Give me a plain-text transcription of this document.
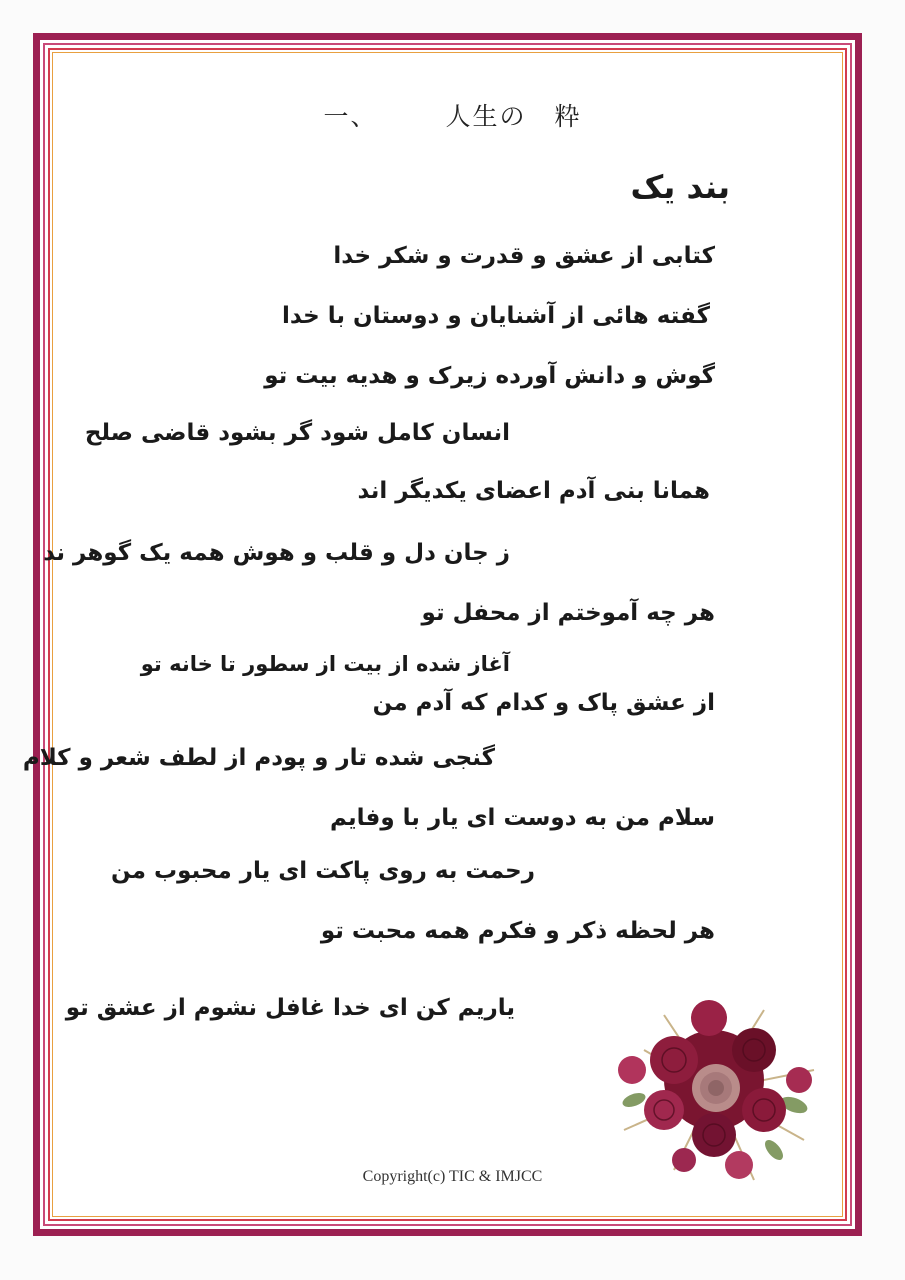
一、	人生の 粋
بند یک
کتابی از عشق و قدرت و شکر خدا
گفته هائی از آشنایان و دوستان با خدا
گوش و دانش آورده زیرک و هدیه بیت تو
انسان کامل شود گر بشود قاضی صلح
همانا بنی آدم اعضای یکدیگر اند
ز جان دل و قلب و هوش همه یک گوهر ند
هر چه آموختم از محفل تو
آغاز شده از بیت از سطور تا خانه تو
از عشق پاک و کدام که آدم من
گنجی شده تار و پودم از لطف شعر و کلام
سلام من به دوست ای یار با وفایم
رحمت به روی پاکت ای یار محبوب من
هر لحظه ذکر و فکرم همه محبت تو
یاریم کن ای خدا غافل نشوم از عشق تو
Copyright(c) TIC & IMJCC
